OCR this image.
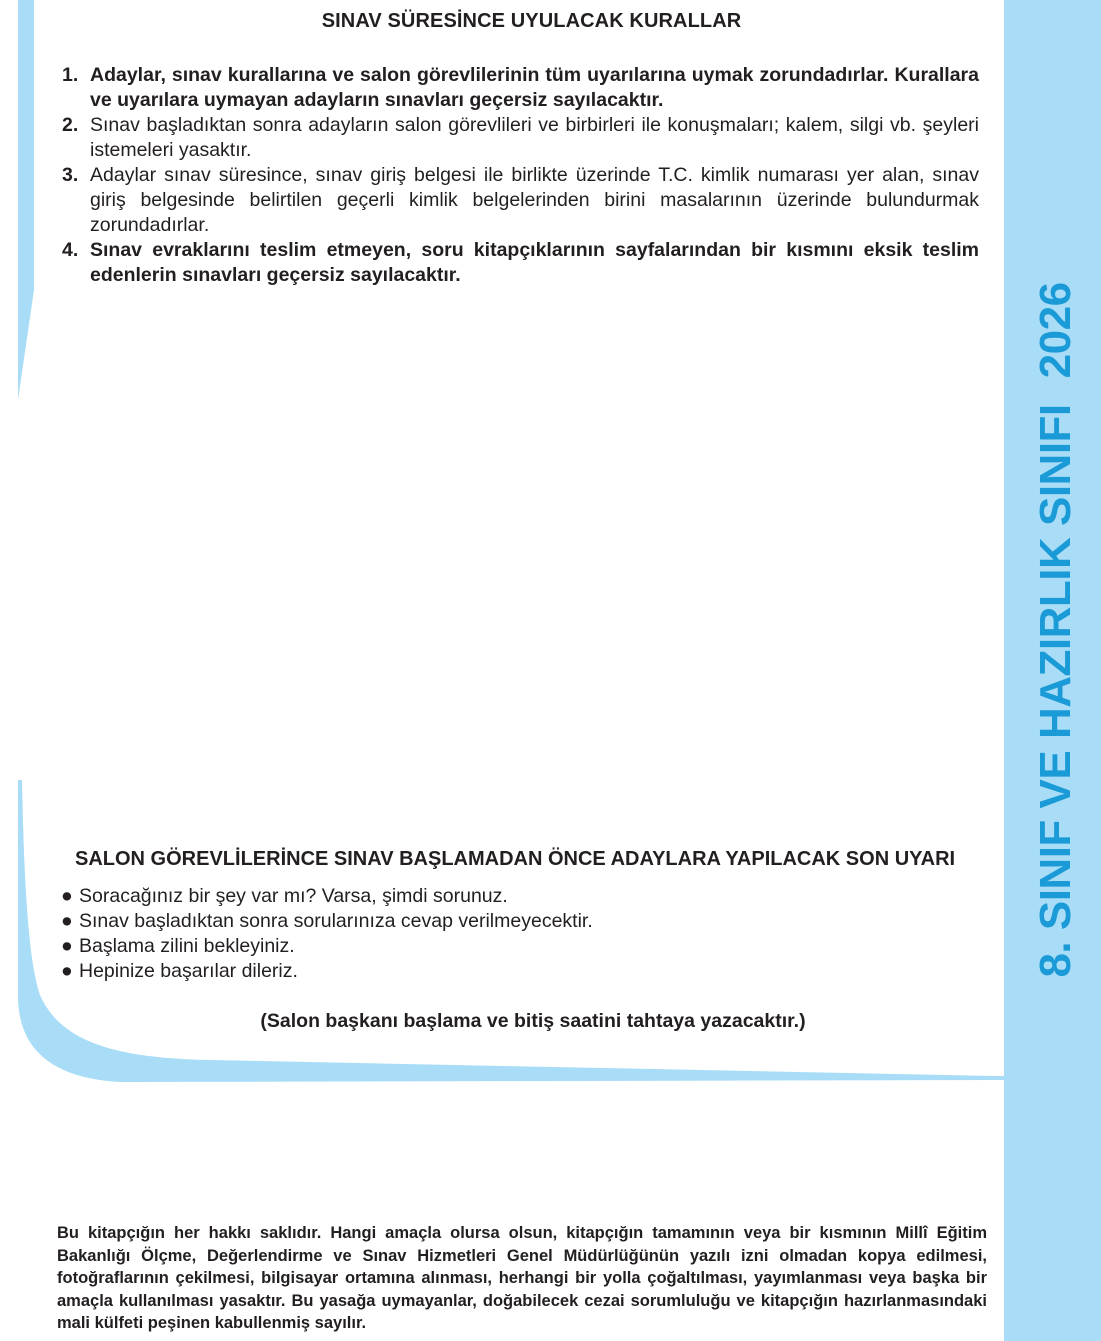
SINAV SÜRESİNCE UYULACAK KURALLAR
1. Adaylar, sınav kurallarına ve salon görevlilerinin tüm uyarılarına uymak zorundadırlar. Kurallara ve uyarılara uymayan adayların sınavları geçersiz sayılacaktır.
2. Sınav başladıktan sonra adayların salon görevlileri ve birbirleri ile konuşmaları; kalem, silgi vb. şeyleri istemeleri yasaktır.
3. Adaylar sınav süresince, sınav giriş belgesi ile birlikte üzerinde T.C. kimlik numarası yer alan, sınav giriş belgesinde belirtilen geçerli kimlik belgelerinden birini masalarının üzerinde bulundurmak zorundadırlar.
4. Sınav evraklarını teslim etmeyen, soru kitapçıklarının sayfalarından bir kısmını eksik teslim edenlerin sınavları geçersiz sayılacaktır.
SALON GÖREVLİLERİNCE SINAV BAŞLAMADAN ÖNCE ADAYLARA YAPILACAK SON UYARI
● Soracağınız bir şey var mı? Varsa, şimdi sorunuz.
● Sınav başladıktan sonra sorularınıza cevap verilmeyecektir.
● Başlama zilini bekleyiniz.
● Hepinize başarılar dileriz.
(Salon başkanı başlama ve bitiş saatini tahtaya yazacaktır.)
Bu kitapçığın her hakkı saklıdır. Hangi amaçla olursa olsun, kitapçığın tamamının veya bir kısmının Millî Eğitim Bakanlığı Ölçme, Değerlendirme ve Sınav Hizmetleri Genel Müdürlüğünün yazılı izni olmadan kopya edilmesi, fotoğraflarının çekilmesi, bilgisayar ortamına alınması, herhangi bir yolla çoğaltılması, yayımlanması veya başka bir amaçla kullanılması yasaktır. Bu yasağa uymayanlar, doğabilecek cezai sorumluluğu ve kitapçığın hazırlanmasındaki mali külfeti peşinen kabullenmiş sayılır.
8. SINIF VE HAZIRLIK SINIFI2026
